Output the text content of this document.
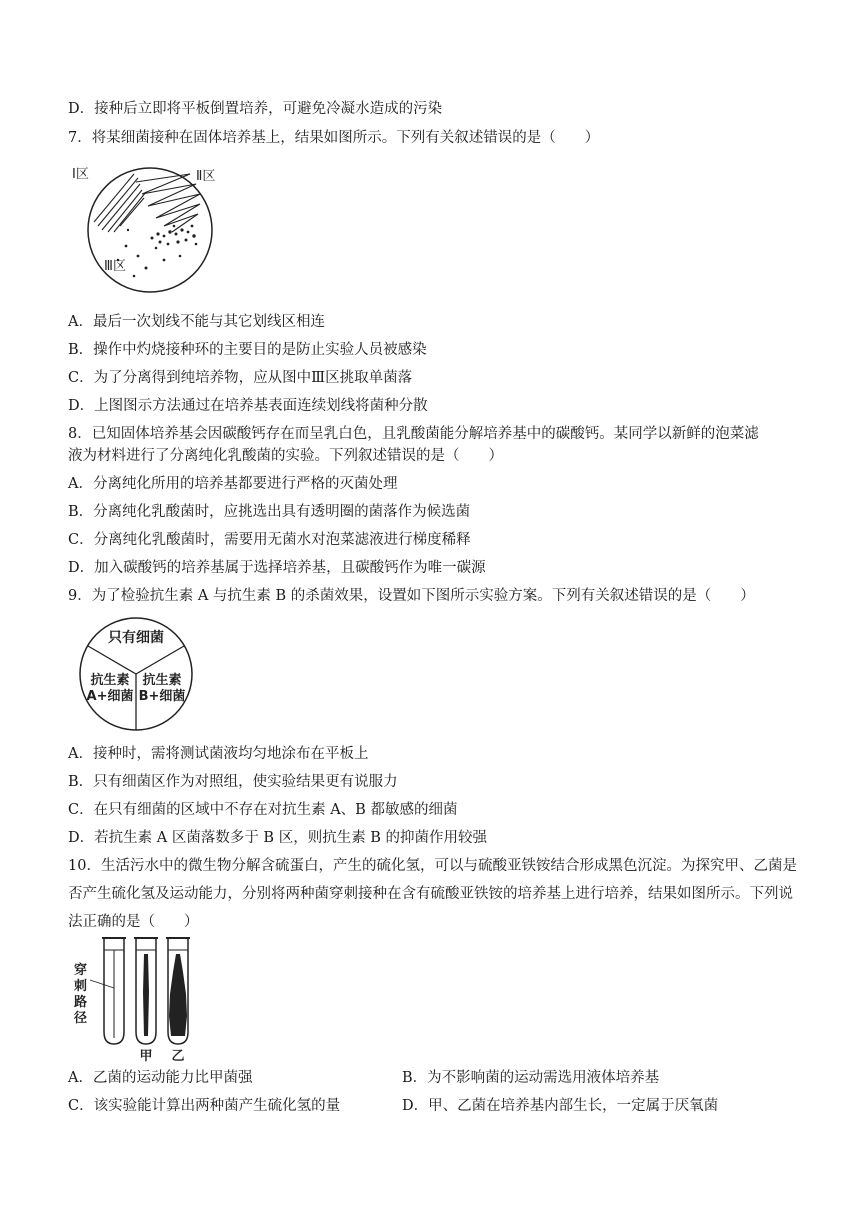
D．接种后立即将平板倒置培养，可避免冷凝水造成的污染
7．将某细菌接种在固体培养基上，结果如图所示。下列有关叙述错误的是（　　）
Ⅰ区	Ⅱ区
Ⅲ区
A．最后一次划线不能与其它划线区相连
B．操作中灼烧接种环的主要目的是防止实验人员被感染
C．为了分离得到纯培养物，应从图中Ⅲ区挑取单菌落
D．上图图示方法通过在培养基表面连续划线将菌种分散
8．已知固体培养基会因碳酸钙存在而呈乳白色，且乳酸菌能分解培养基中的碳酸钙。某同学以新鲜的泡菜滤
液为材料进行了分离纯化乳酸菌的实验。下列叙述错误的是（　　）
A．分离纯化所用的培养基都要进行严格的灭菌处理
B．分离纯化乳酸菌时，应挑选出具有透明圈的菌落作为候选菌
C．分离纯化乳酸菌时，需要用无菌水对泡菜滤液进行梯度稀释
D．加入碳酸钙的培养基属于选择培养基，且碳酸钙作为唯一碳源
9．为了检验抗生素 A 与抗生素 B 的杀菌效果，设置如下图所示实验方案。下列有关叙述错误的是（　　）
只有细菌
抗生素
A+细菌
抗生素
B+细菌
A．接种时，需将测试菌液均匀地涂布在平板上
B．只有细菌区作为对照组，使实验结果更有说服力
C．在只有细菌的区域中不存在对抗生素 A、B 都敏感的细菌
D．若抗生素 A 区菌落数多于 B 区，则抗生素 B 的抑菌作用较强
10．生活污水中的微生物分解含硫蛋白，产生的硫化氢，可以与硫酸亚铁铵结合形成黑色沉淀。为探究甲、乙菌是否产生硫化氢及运动能力，分别将两种菌穿刺接种在含有硫酸亚铁铵的培养基上进行培养，结果如图所示。下列说法正确的是（　　）
穿
刺
路
径
甲 乙
A．乙菌的运动能力比甲菌强	B．为不影响菌的运动需选用液体培养基
C．该实验能计算出两种菌产生硫化氢的量	D．甲、乙菌在培养基内部生长，一定属于厌氧菌
